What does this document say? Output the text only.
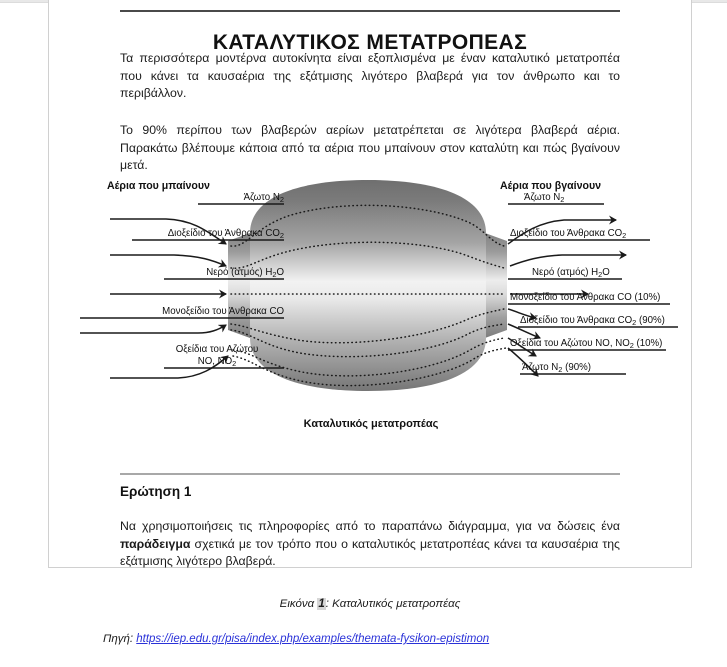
ΚΑΤΑΛΥΤΙΚΟΣ ΜΕΤΑΤΡΟΠΕΑΣ

Τα περισσότερα μοντέρνα αυτοκίνητα είναι εξοπλισμένα με έναν καταλυτικό μετατροπέα που κάνει τα καυσαέρια της εξάτμισης λιγότερο βλαβερά για τον άνθρωπο και το περιβάλλον.

Το 90% περίπου των βλαβερών αερίων μετατρέπεται σε λιγότερα βλαβερά αέρια. Παρακάτω βλέπουμε κάποια από τα αέρια που μπαίνουν στον καταλύτη και πώς βγαίνουν μετά.

Αέρια που μπαίνουν	Αέρια που βγαίνουν
Άζωτο $N_2$
Διοξείδιο του Άνθρακα $CO_2$
Νερό (ατμός) $H_2O$
Μονοξείδιο του Άνθρακα CO
Οξείδια του Αζώτου
NO, $NO_2$
Άζωτο $N_2$
Διοξείδιο του Άνθρακα $CO_2$
Νερό (ατμός) $H_2O$
Μονοξείδιο του Άνθρακα CO (10%)
Διοξείδιο του Άνθρακα $CO_2$ (90%)
Οξείδια του Αζώτου NO, $NO_2$ (10%)
Άζωτο $N_2$ (90%)
Καταλυτικός μετατροπέας
Ερώτηση 1

Να χρησιμοποιήσεις τις πληροφορίες από το παραπάνω διάγραμμα, για να δώσεις ένα παράδειγμα σχετικά με τον τρόπο που ο καταλυτικός μετατροπέας κάνει τα καυσαέρια της εξάτμισης λιγότερο βλαβερά.

Εικόνα 1: Καταλυτικός μετατροπέας
Πηγή: https://iep.edu.gr/pisa/index.php/examples/themata-fysikon-epistimon
